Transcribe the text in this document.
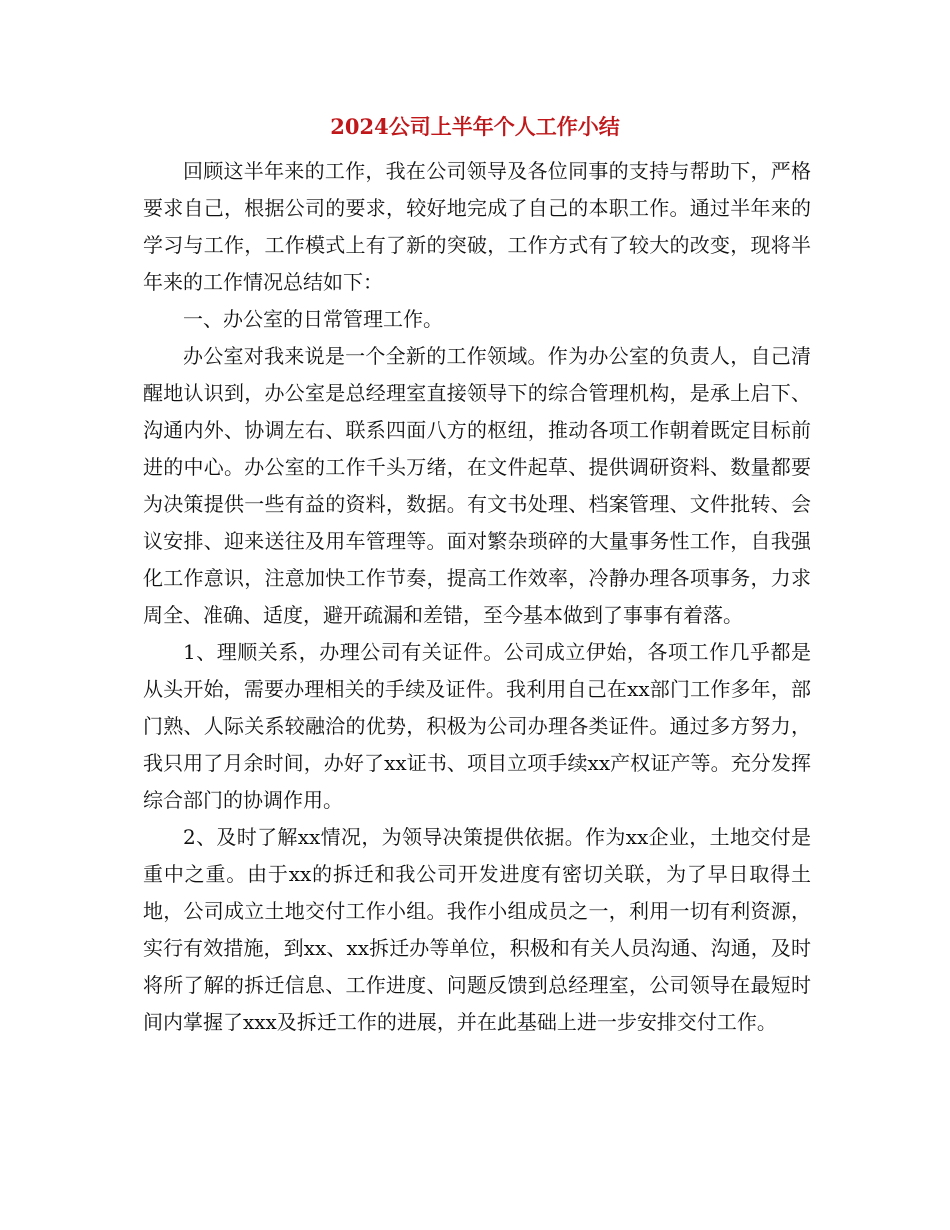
2024公司上半年个人工作小结

回顾这半年来的工作，我在公司领导及各位同事的支持与帮助下，严格要求自己，根据公司的要求，较好地完成了自己的本职工作。通过半年来的学习与工作，工作模式上有了新的突破，工作方式有了较大的改变，现将半年来的工作情况总结如下：

一、办公室的日常管理工作。

办公室对我来说是一个全新的工作领域。作为办公室的负责人，自己清醒地认识到，办公室是总经理室直接领导下的综合管理机构，是承上启下、沟通内外、协调左右、联系四面八方的枢纽，推动各项工作朝着既定目标前进的中心。办公室的工作千头万绪，在文件起草、提供调研资料、数量都要为决策提供一些有益的资料，数据。有文书处理、档案管理、文件批转、会议安排、迎来送往及用车管理等。面对繁杂琐碎的大量事务性工作，自我强化工作意识，注意加快工作节奏，提高工作效率，冷静办理各项事务，力求周全、准确、适度，避开疏漏和差错，至今基本做到了事事有着落。

1、理顺关系，办理公司有关证件。公司成立伊始，各项工作几乎都是从头开始，需要办理相关的手续及证件。我利用自己在xx部门工作多年，部门熟、人际关系较融洽的优势，积极为公司办理各类证件。通过多方努力，我只用了月余时间，办好了xx证书、项目立项手续xx产权证产等。充分发挥综合部门的协调作用。

2、及时了解xx情况，为领导决策提供依据。作为xx企业，土地交付是重中之重。由于xx的拆迁和我公司开发进度有密切关联，为了早日取得土地，公司成立土地交付工作小组。我作小组成员之一，利用一切有利资源，实行有效措施，到xx、xx拆迁办等单位，积极和有关人员沟通、沟通，及时将所了解的拆迁信息、工作进度、问题反馈到总经理室，公司领导在最短时间内掌握了xxx及拆迁工作的进展，并在此基础上进一步安排交付工作。
